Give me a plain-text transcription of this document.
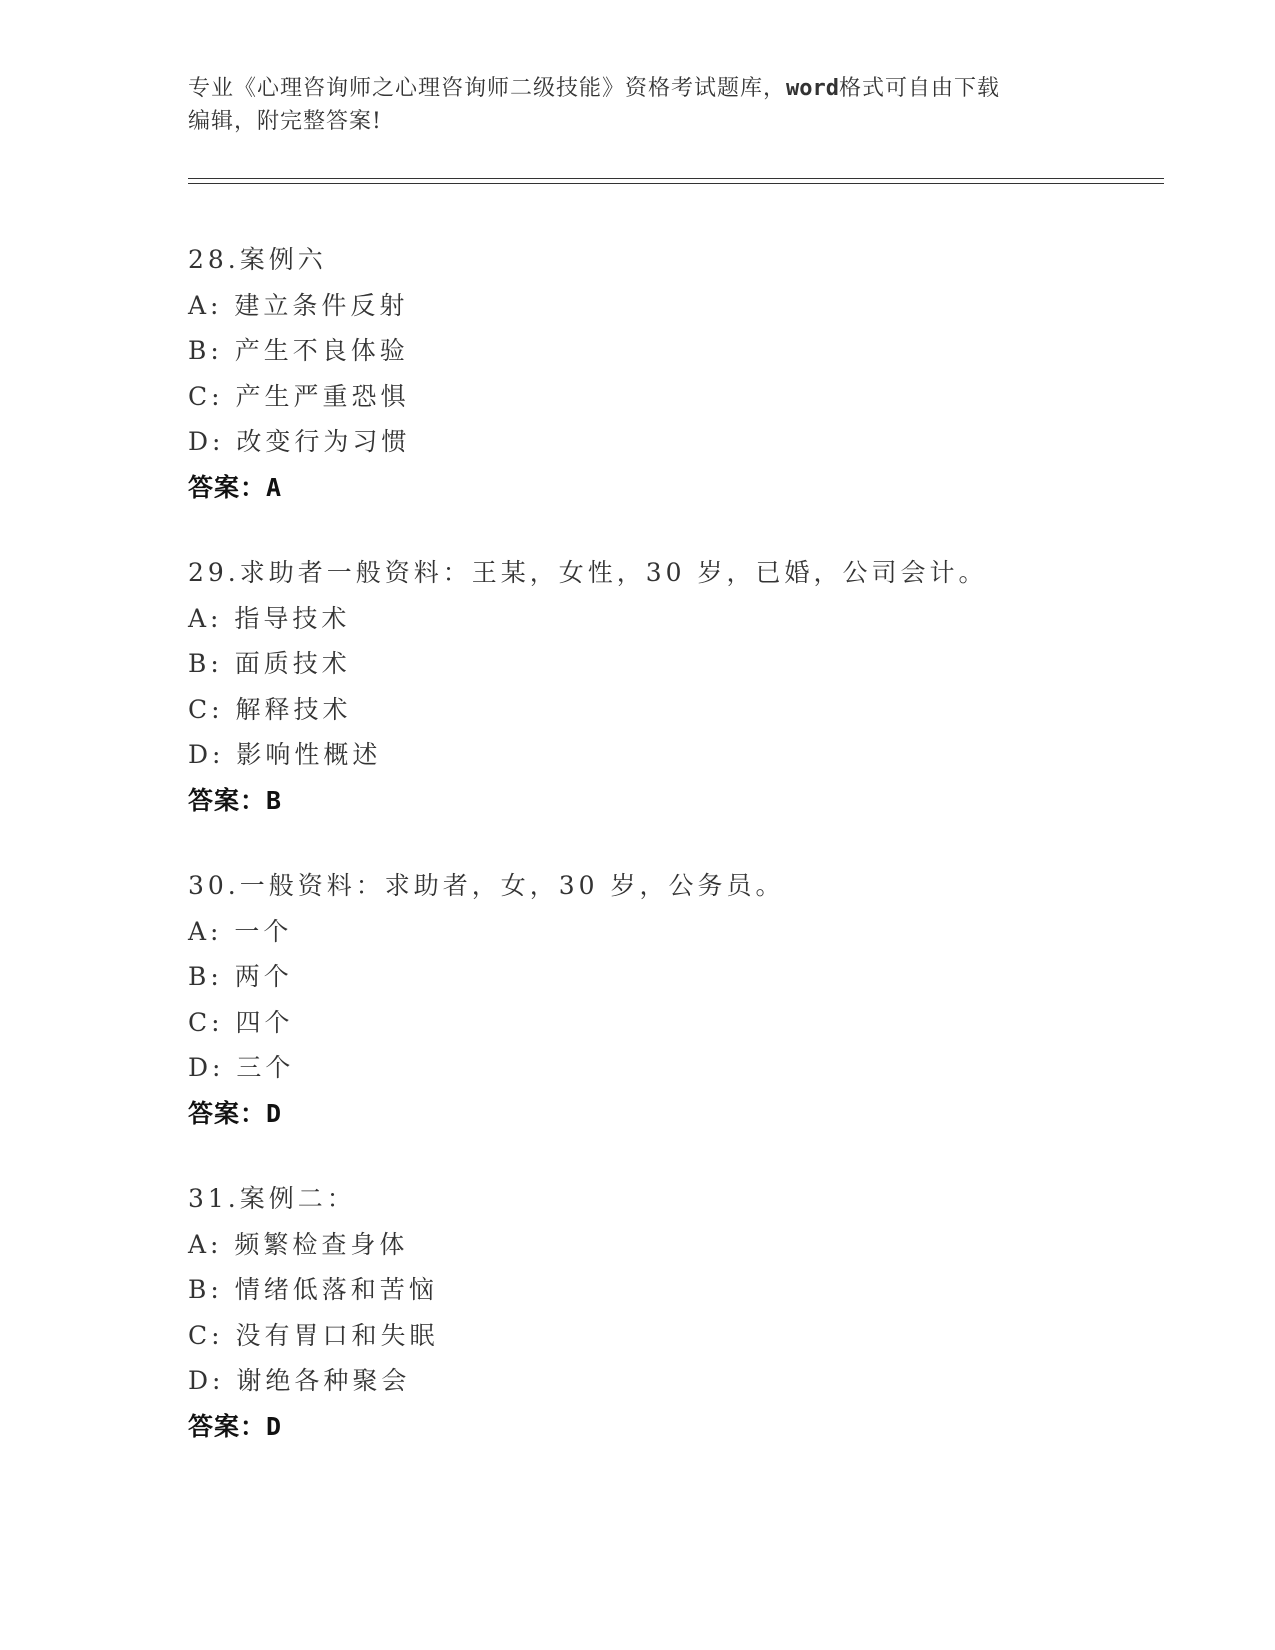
专业《心理咨询师之心理咨询师二级技能》资格考试题库，word格式可自由下载
编辑，附完整答案!
28.案例六
A: 建立条件反射
B: 产生不良体验
C: 产生严重恐惧
D: 改变行为习惯
答案：A
29.求助者一般资料：王某，女性，30 岁，已婚，公司会计。
A: 指导技术
B: 面质技术
C: 解释技术
D: 影响性概述
答案：B
30.一般资料：求助者，女，30 岁，公务员。
A: 一个
B: 两个
C: 四个
D: 三个
答案：D
31.案例二：
A: 频繁检查身体
B: 情绪低落和苦恼
C: 没有胃口和失眠
D: 谢绝各种聚会
答案：D
